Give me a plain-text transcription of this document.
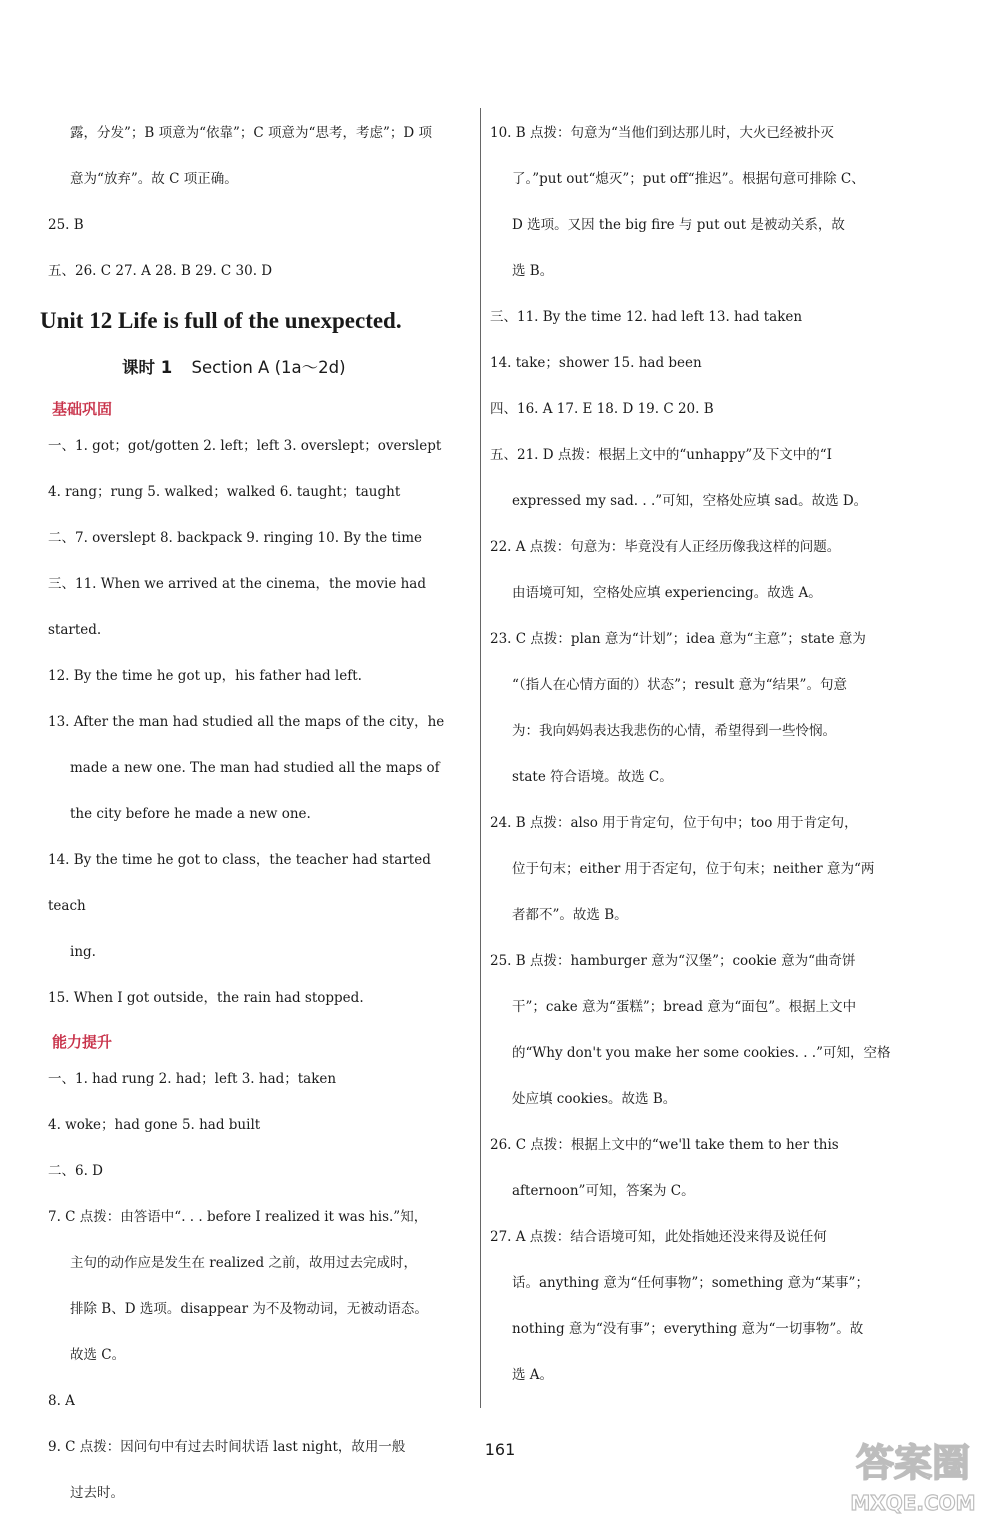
露，分发”；B 项意为“依靠”；C 项意为“思考，考虑”；D 项

意为“放弃”。故 C 项正确。

25. B

五、26. C 27. A 28. B 29. C 30. D

Unit 12 Life is full of the unexpected.
课时 1 Section A (1a～2d)
基础巩固

一、1. got；got/gotten 2. left；left 3. overslept；overslept

4. rang；rung 5. walked；walked 6. taught；taught

二、7. overslept 8. backpack 9. ringing 10. By the time

三、11. When we arrived at the cinema，the movie had started.

12. By the time he got up，his father had left.

13. After the man had studied all the maps of the city，he

made a new one. The man had studied all the maps of

the city before he made a new one.

14. By the time he got to class，the teacher had started teach

ing.

15. When I got outside，the rain had stopped.

能力提升

一、1. had rung 2. had；left 3. had；taken

4. woke；had gone 5. had built

二、6. D

7. C 点拨：由答语中“. . . before I realized it was his.”知，

主句的动作应是发生在 realized 之前，故用过去完成时，

排除 B、D 选项。disappear 为不及物动词，无被动语态。

故选 C。

8. A

9. C 点拨：因问句中有过去时间状语 last night，故用一般

过去时。

10. B 点拨：句意为“当他们到达那儿时，大火已经被扑灭

了。”put out“熄灭”；put off“推迟”。根据句意可排除 C、

D 选项。又因 the big fire 与 put out 是被动关系，故

选 B。

三、11. By the time 12. had left 13. had taken

14. take；shower 15. had been

四、16. A 17. E 18. D 19. C 20. B

五、21. D 点拨：根据上文中的“unhappy”及下文中的“I

expressed my sad. . .”可知，空格处应填 sad。故选 D。

22. A 点拨：句意为：毕竟没有人正经历像我这样的问题。

由语境可知，空格处应填 experiencing。故选 A。

23. C 点拨：plan 意为“计划”；idea 意为“主意”；state 意为

“（指人在心情方面的）状态”；result 意为“结果”。句意

为：我向妈妈表达我悲伤的心情，希望得到一些怜悯。

state 符合语境。故选 C。

24. B 点拨：also 用于肯定句，位于句中；too 用于肯定句，

位于句末；either 用于否定句，位于句末；neither 意为“两

者都不”。故选 B。

25. B 点拨：hamburger 意为“汉堡”；cookie 意为“曲奇饼

干”；cake 意为“蛋糕”；bread 意为“面包”。根据上文中

的“Why don't you make her some cookies. . .”可知，空格

处应填 cookies。故选 B。

26. C 点拨：根据上文中的“we'll take them to her this

afternoon”可知，答案为 C。

27. A 点拨：结合语境可知，此处指她还没来得及说任何

话。anything 意为“任何事物”；something 意为“某事”；

nothing 意为“没有事”；everything 意为“一切事物”。故

选 A。

161	答案圈
MXQE.COM
